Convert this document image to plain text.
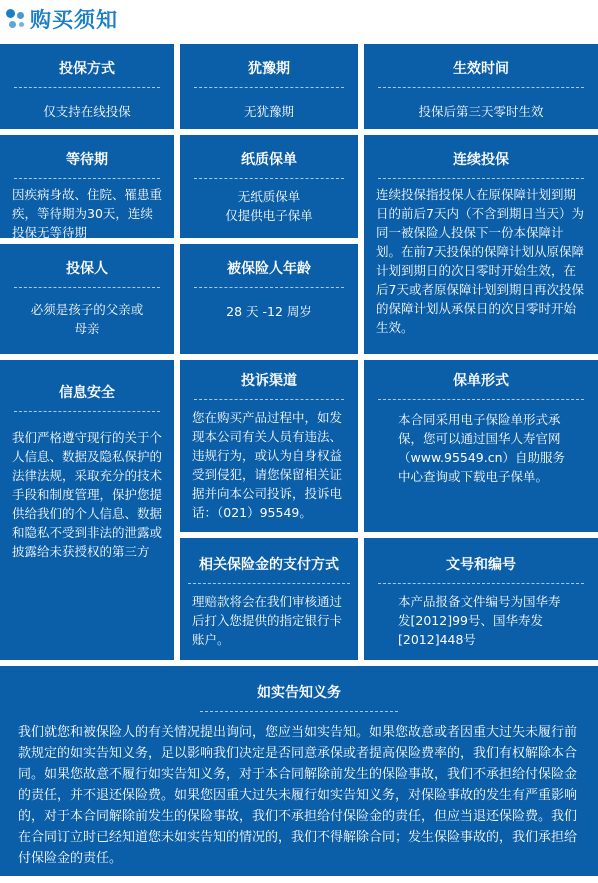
购买须知
投保方式
仅支持在线投保
犹豫期
无犹豫期
生效时间
投保后第三天零时生效
等待期
因疾病身故、住院、罹患重疾，等待期为30天，连续投保无等待期
纸质保单
无纸质保单
仅提供电子保单
连续投保
连续投保指投保人在原保障计划到期日的前后7天内（不含到期日当天）为同一被保险人投保下一份本保障计划。在前7天投保的保障计划从原保障计划到期日的次日零时开始生效，在后7天或者原保障计划到期日再次投保的保障计划从承保日的次日零时开始生效。
投保人
必须是孩子的父亲或
母亲
被保险人年龄
28 天 -12 周岁
信息安全
我们严格遵守现行的关于个人信息、数据及隐私保护的法律法规，采取充分的技术手段和制度管理，保护您提供给我们的个人信息、数据和隐私不受到非法的泄露或披露给未获授权的第三方
投诉渠道
您在购买产品过程中，如发现本公司有关人员有违法、违规行为，或认为自身权益受到侵犯，请您保留相关证据并向本公司投诉，投诉电话：（021）95549。
保单形式
本合同采用电子保险单形式承保，您可以通过国华人寿官网（www.95549.cn）自助服务中心查询或下载电子保单。
相关保险金的支付方式
理赔款将会在我们审核通过后打入您提供的指定银行卡账户。
文号和编号
本产品报备文件编号为国华寿发[2012]99号、国华寿发[2012]448号
如实告知义务
我们就您和被保险人的有关情况提出询问，您应当如实告知。如果您故意或者因重大过失未履行前款规定的如实告知义务，足以影响我们决定是否同意承保或者提高保险费率的，我们有权解除本合同。如果您故意不履行如实告知义务，对于本合同解除前发生的保险事故，我们不承担给付保险金的责任，并不退还保险费。如果您因重大过失未履行如实告知义务，对保险事故的发生有严重影响的，对于本合同解除前发生的保险事故，我们不承担给付保险金的责任，但应当退还保险费。我们在合同订立时已经知道您未如实告知的情况的，我们不得解除合同；发生保险事故的，我们承担给付保险金的责任。
